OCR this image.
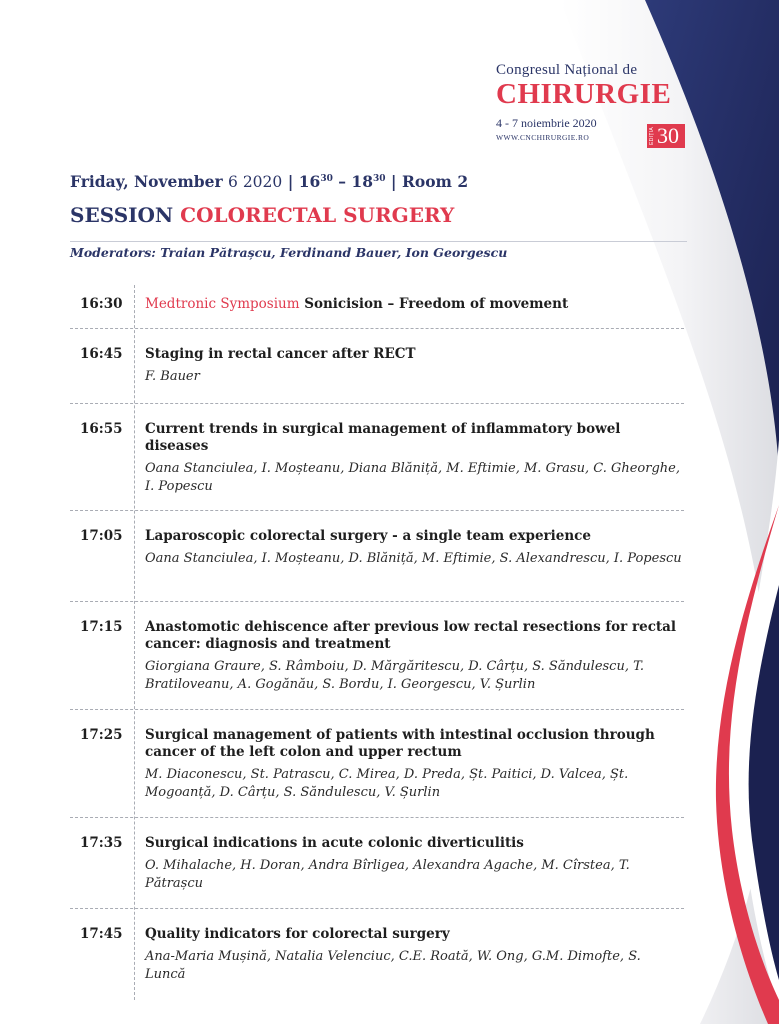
Congresul Național de
CHIRURGIE
4 - 7 noiembrie 2020
WWW.CNCHIRURGIE.RO	EDIȚIA 30
Friday, November 6 2020 | $16^{30} - 18^{30}$ | Room 2
SESSION COLORECTAL SURGERY
Moderators: Traian Pătrașcu, Ferdinand Bauer, Ion Georgescu
16:30 Medtronic Symposium Sonicision – Freedom of movement
16:45 Staging in rectal cancer after RECT
F. Bauer
16:55 Current trends in surgical management of inflammatory bowel diseases
Oana Stanciulea, I. Moșteanu, Diana Blăniță, M. Eftimie, M. Grasu, C. Gheorghe, I. Popescu
17:05 Laparoscopic colorectal surgery - a single team experience
Oana Stanciulea, I. Moșteanu, D. Blăniță, M. Eftimie, S. Alexandrescu, I. Popescu
17:15 Anastomotic dehiscence after previous low rectal resections for rectal cancer: diagnosis and treatment
Giorgiana Graure, S. Râmboiu, D. Mărgăritescu, D. Cârțu, S. Săndulescu, T. Bratiloveanu, A. Gogănău, S. Bordu, I. Georgescu, V. Șurlin
17:25 Surgical management of patients with intestinal occlusion through cancer of the left colon and upper rectum
M. Diaconescu, St. Patrascu, C. Mirea, D. Preda, Șt. Paitici, D. Valcea, Șt. Mogoanță, D. Cârțu, S. Săndulescu, V. Șurlin
17:35 Surgical indications in acute colonic diverticulitis
O. Mihalache, H. Doran, Andra Bîrligea, Alexandra Agache, M. Cîrstea, T. Pătrașcu
17:45 Quality indicators for colorectal surgery
Ana-Maria Mușină, Natalia Velenciuc, C.E. Roată, W. Ong, G.M. Dimofte, S. Luncă
